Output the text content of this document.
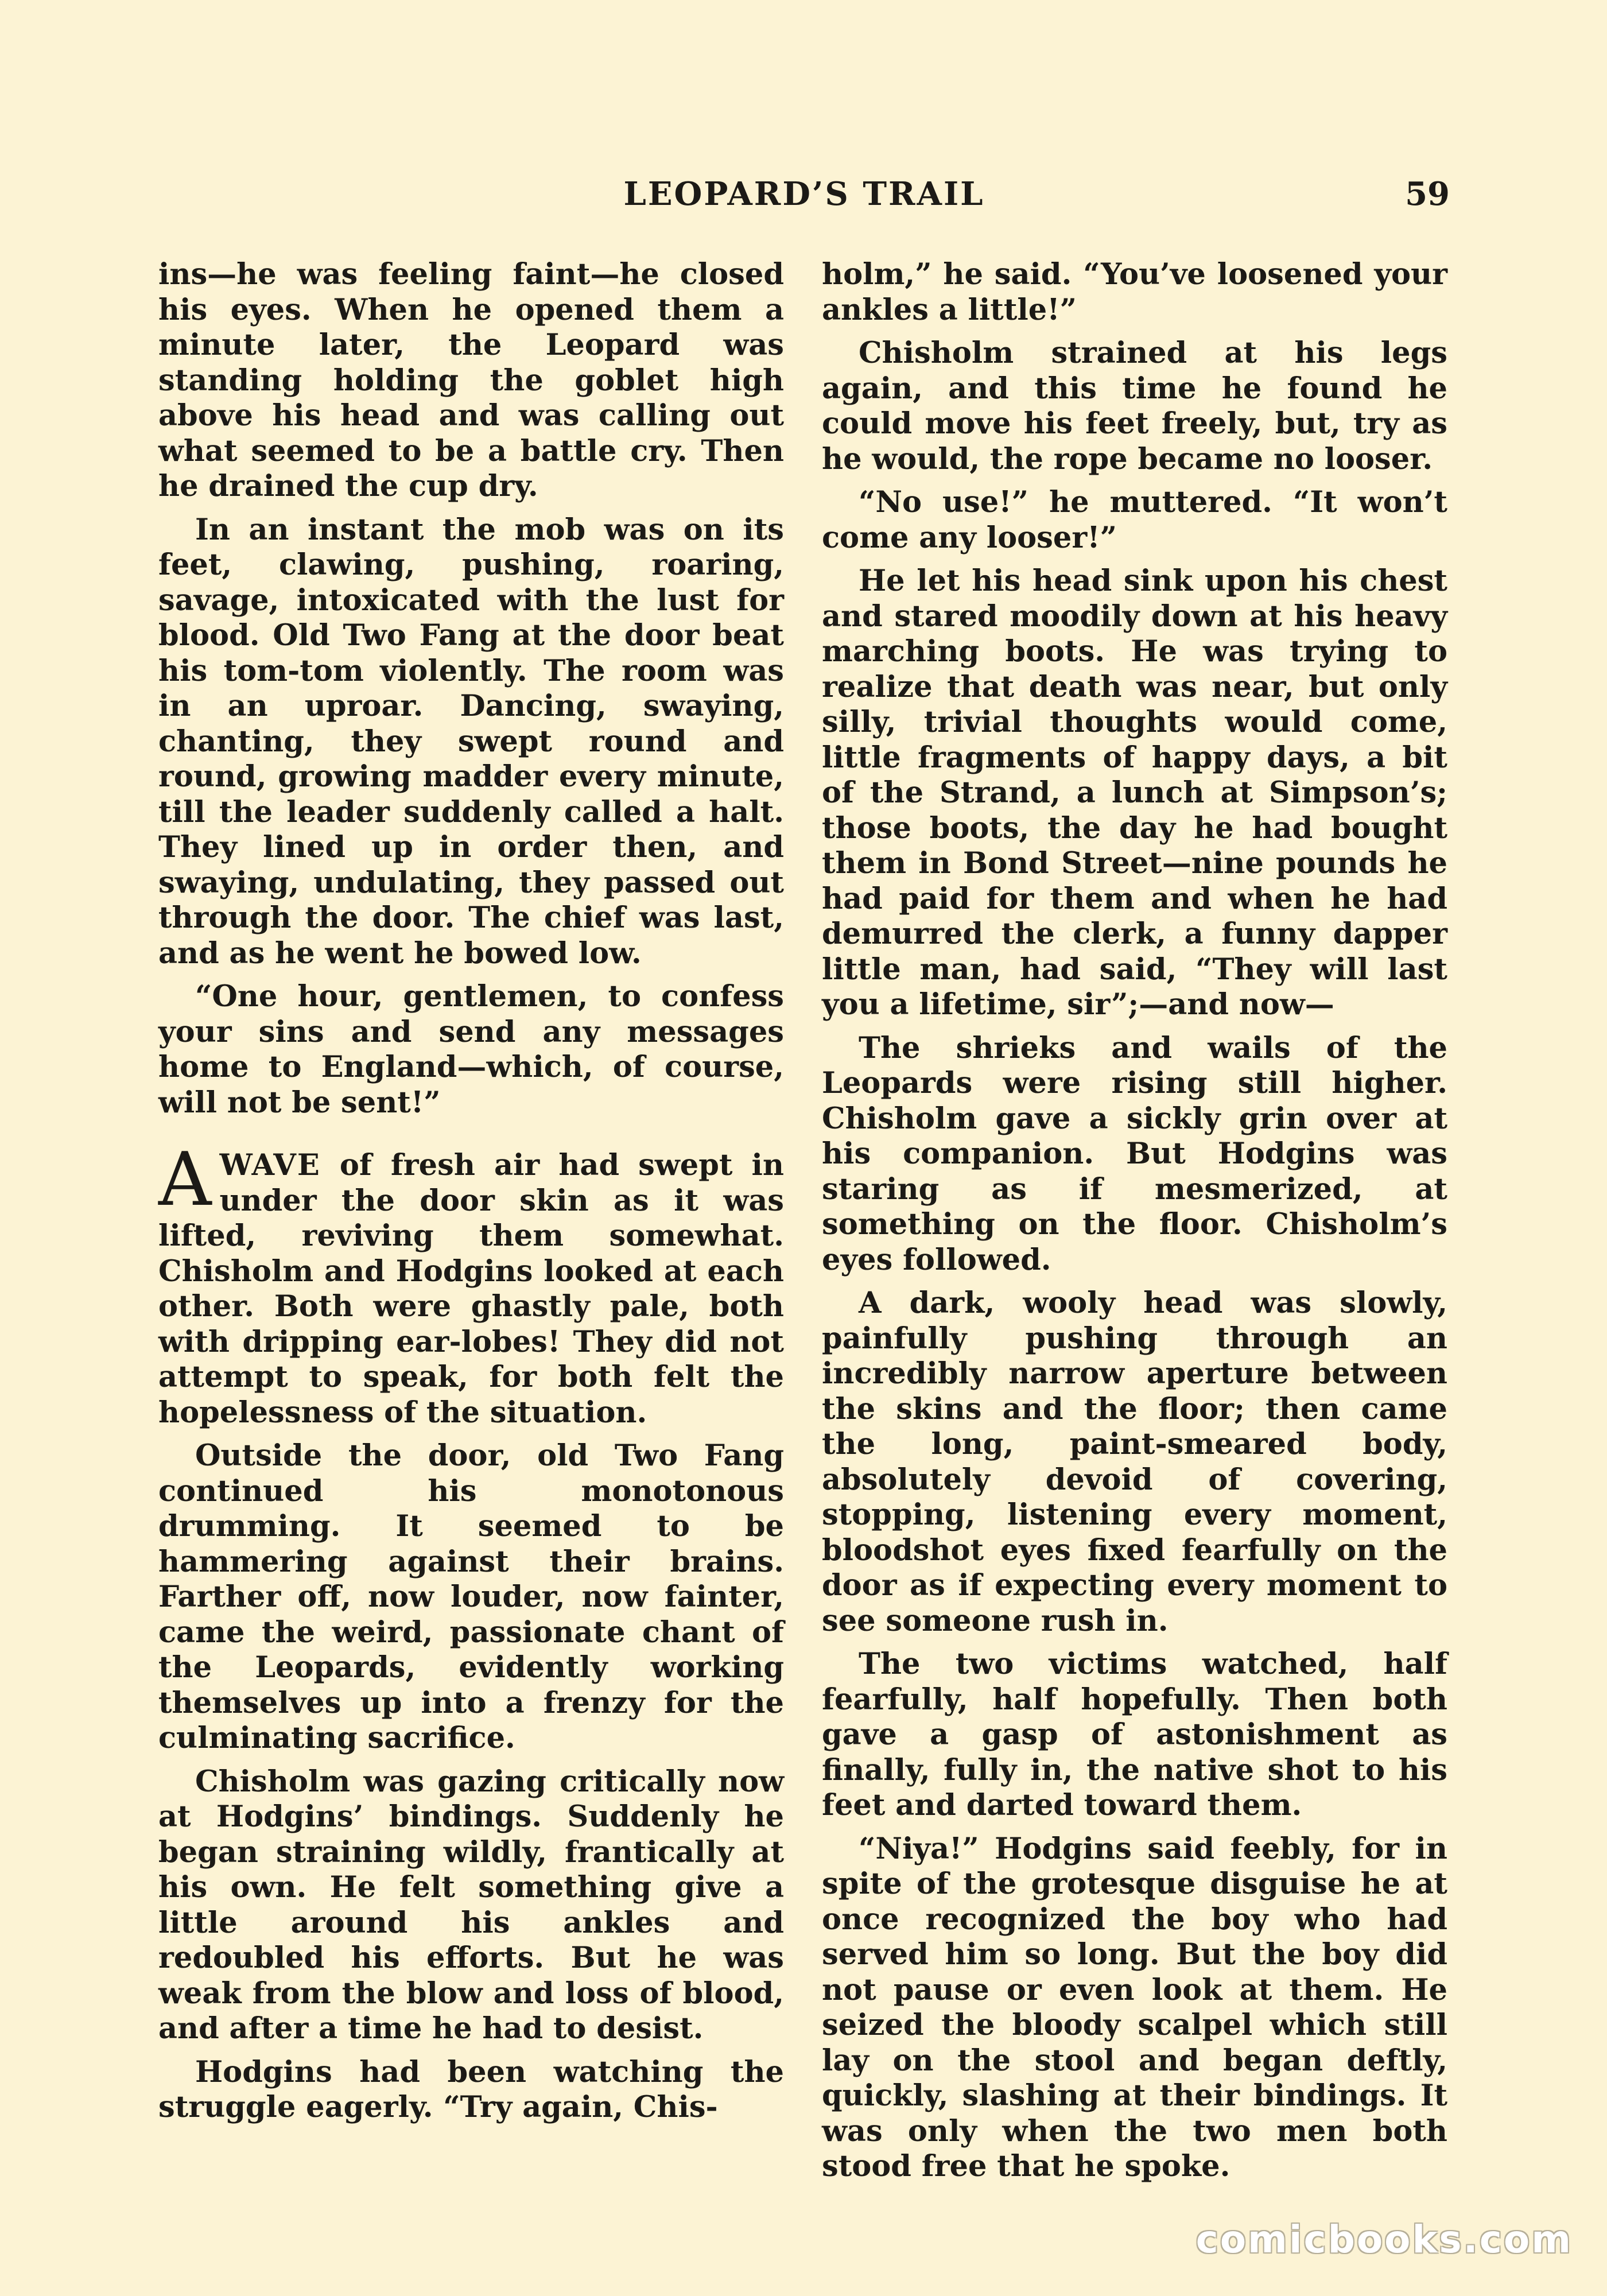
LEOPARD’S TRAIL	59

ins—he was feeling faint—he closed his eyes. When he opened them a minute later, the Leopard was standing holding the goblet high above his head and was calling out what seemed to be a battle cry. Then he drained the cup dry.

In an instant the mob was on its feet, clawing, pushing, roaring, savage, intoxicated with the lust for blood. Old Two Fang at the door beat his tom-tom violently. The room was in an uproar. Dancing, swaying, chanting, they swept round and round, growing madder every minute, till the leader suddenly called a halt. They lined up in order then, and swaying, undulating, they passed out through the door. The chief was last, and as he went he bowed low.

“One hour, gentlemen, to confess your sins and send any messages home to England—which, of course, will not be sent!”

AWAVE of fresh air had swept in under the door skin as it was lifted, reviving them somewhat. Chisholm and Hodgins looked at each other. Both were ghastly pale, both with dripping ear-lobes! They did not attempt to speak, for both felt the hopelessness of the situation.

Outside the door, old Two Fang continued his monotonous drumming. It seemed to be hammering against their brains. Farther off, now louder, now fainter, came the weird, passionate chant of the Leopards, evidently working themselves up into a frenzy for the culminating sacrifice.

Chisholm was gazing critically now at Hodgins’ bindings. Suddenly he began straining wildly, frantically at his own. He felt something give a little around his ankles and redoubled his efforts. But he was weak from the blow and loss of blood, and after a time he had to desist.

Hodgins had been watching the struggle eagerly. “Try again, Chis-

holm,” he said. “You’ve loosened your ankles a little!”

Chisholm strained at his legs again, and this time he found he could move his feet freely, but, try as he would, the rope became no looser.

“No use!” he muttered. “It won’t come any looser!”

He let his head sink upon his chest and stared moodily down at his heavy marching boots. He was trying to realize that death was near, but only silly, trivial thoughts would come, little fragments of happy days, a bit of the Strand, a lunch at Simpson’s; those boots, the day he had bought them in Bond Street—nine pounds he had paid for them and when he had demurred the clerk, a funny dapper little man, had said, “They will last you a lifetime, sir”;—and now—

The shrieks and wails of the Leopards were rising still higher. Chisholm gave a sickly grin over at his companion. But Hodgins was staring as if mesmerized, at something on the floor. Chisholm’s eyes followed.

A dark, wooly head was slowly, painfully pushing through an incredibly narrow aperture between the skins and the floor; then came the long, paint-smeared body, absolutely devoid of covering, stopping, listening every moment, bloodshot eyes fixed fearfully on the door as if expecting every moment to see someone rush in.

The two victims watched, half fearfully, half hopefully. Then both gave a gasp of astonishment as finally, fully in, the native shot to his feet and darted toward them.

“Niya!” Hodgins said feebly, for in spite of the grotesque disguise he at once recognized the boy who had served him so long. But the boy did not pause or even look at them. He seized the bloody scalpel which still lay on the stool and began deftly, quickly, slashing at their bindings. It was only when the two men both stood free that he spoke.

comicbooks.com
